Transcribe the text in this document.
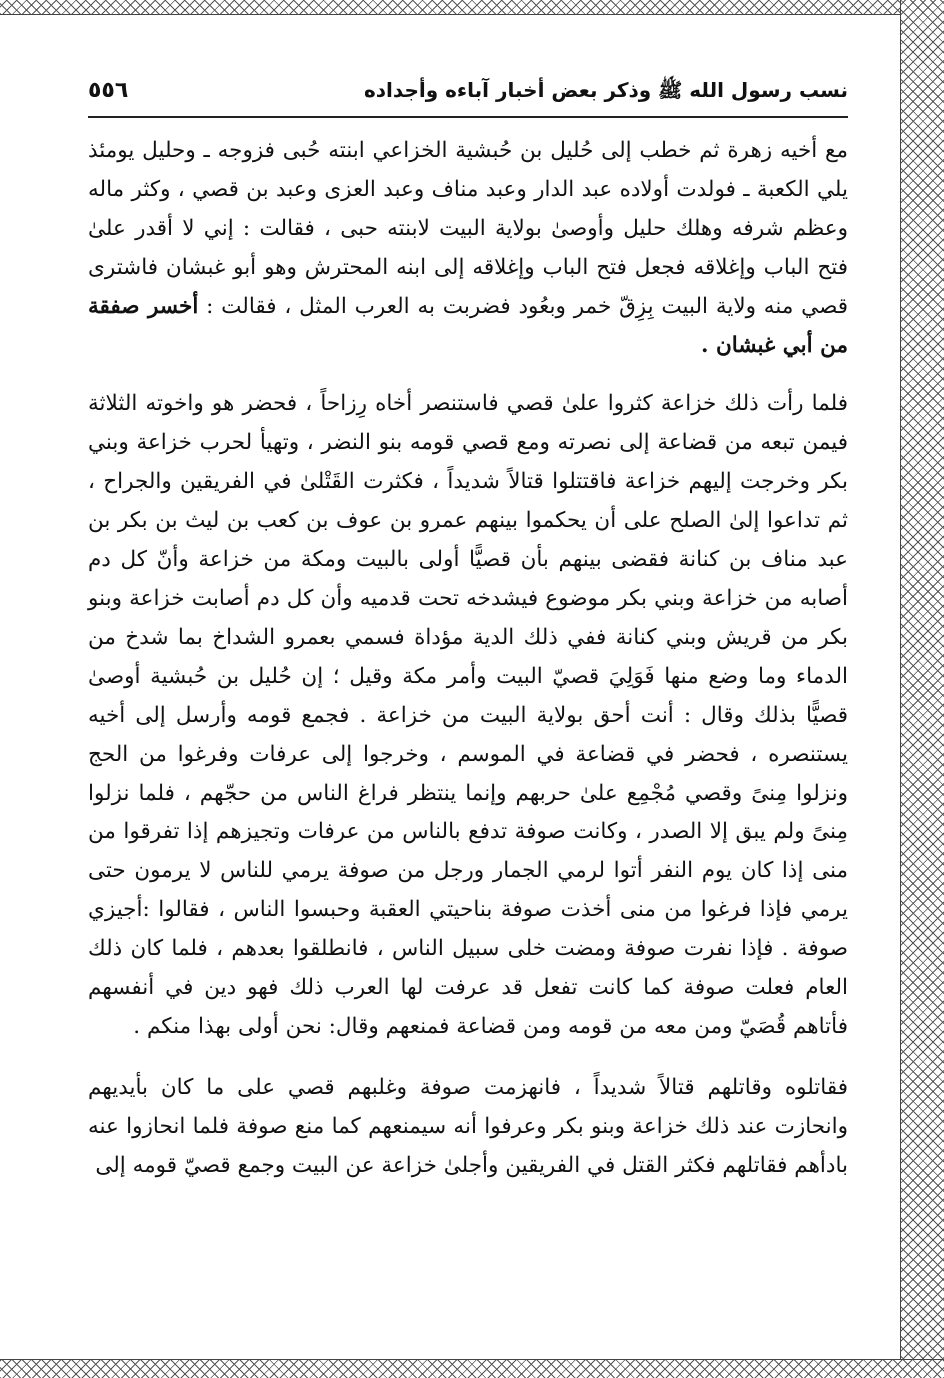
نسب رسول الله ﷺ وذكر بعض أخبار آباءه وأجداده
٥٥٦

مع أخيه زهرة ثم خطب إلى حُليل بن حُبشية الخزاعي ابنته حُبى فزوجه ـ وحليل يومئذ يلي الكعبة ـ فولدت أولاده عبد الدار وعبد مناف وعبد العزى وعبد بن قصي ، وكثر ماله وعظم شرفه وهلك حليل وأوصىٰ بولاية البيت لابنته حبى ، فقالت : إني لا أقدر علىٰ فتح الباب وإغلاقه فجعل فتح الباب وإغلاقه إلى ابنه المحترش وهو أبو غبشان فاشترى قصي منه ولاية البيت بِزِقّ خمر وبعُود فضربت به العرب المثل ، فقالت : أخسر صفقة من أبي غبشان .

فلما رأت ذلك خزاعة كثروا علىٰ قصي فاستنصر أخاه رِزاحاً ، فحضر هو واخوته الثلاثة فيمن تبعه من قضاعة إلى نصرته ومع قصي قومه بنو النضر ، وتهيأ لحرب خزاعة وبني بكر وخرجت إليهم خزاعة فاقتتلوا قتالاً شديداً ، فكثرت القَتْلىٰ في الفريقين والجراح ، ثم تداعوا إلىٰ الصلح على أن يحكموا بينهم عمرو بن عوف بن كعب بن ليث بن بكر بن عبد مناف بن كنانة فقضى بينهم بأن قصيًّا أولى بالبيت ومكة من خزاعة وأنّ كل دم أصابه من خزاعة وبني بكر موضوع فيشدخه تحت قدميه وأن كل دم أصابت خزاعة وبنو بكر من قريش وبني كنانة ففي ذلك الدية مؤداة فسمي بعمرو الشداخ بما شدخ من الدماء وما وضع منها فَوَلِيَ قصيّ البيت وأمر مكة وقيل ؛ إن حُليل بن حُبشية أوصىٰ قصيًّا بذلك وقال : أنت أحق بولاية البيت من خزاعة . فجمع قومه وأرسل إلى أخيه يستنصره ، فحضر في قضاعة في الموسم ، وخرجوا إلى عرفات وفرغوا من الحج ونزلوا مِنىً وقصي مُجْمِع علىٰ حربهم وإنما ينتظر فراغ الناس من حجّهم ، فلما نزلوا مِنىً ولم يبق إلا الصدر ، وكانت صوفة تدفع بالناس من عرفات وتجيزهم إذا تفرقوا من منى إذا كان يوم النفر أتوا لرمي الجمار ورجل من صوفة يرمي للناس لا يرمون حتى يرمي فإذا فرغوا من منى أخذت صوفة بناحيتي العقبة وحبسوا الناس ، فقالوا :أجيزي صوفة . فإذا نفرت صوفة ومضت خلى سبيل الناس ، فانطلقوا بعدهم ، فلما كان ذلك العام فعلت صوفة كما كانت تفعل قد عرفت لها العرب ذلك فهو دين في أنفسهم فأتاهم قُصَيّ ومن معه من قومه ومن قضاعة فمنعهم وقال: نحن أولى بهذا منكم .

فقاتلوه وقاتلهم قتالاً شديداً ، فانهزمت صوفة وغلبهم قصي على ما كان بأيديهم وانحازت عند ذلك خزاعة وبنو بكر وعرفوا أنه سيمنعهم كما منع صوفة فلما انحازوا عنه بادأهم فقاتلهم فكثر القتل في الفريقين وأجلىٰ خزاعة عن البيت وجمع قصيّ قومه إلى
